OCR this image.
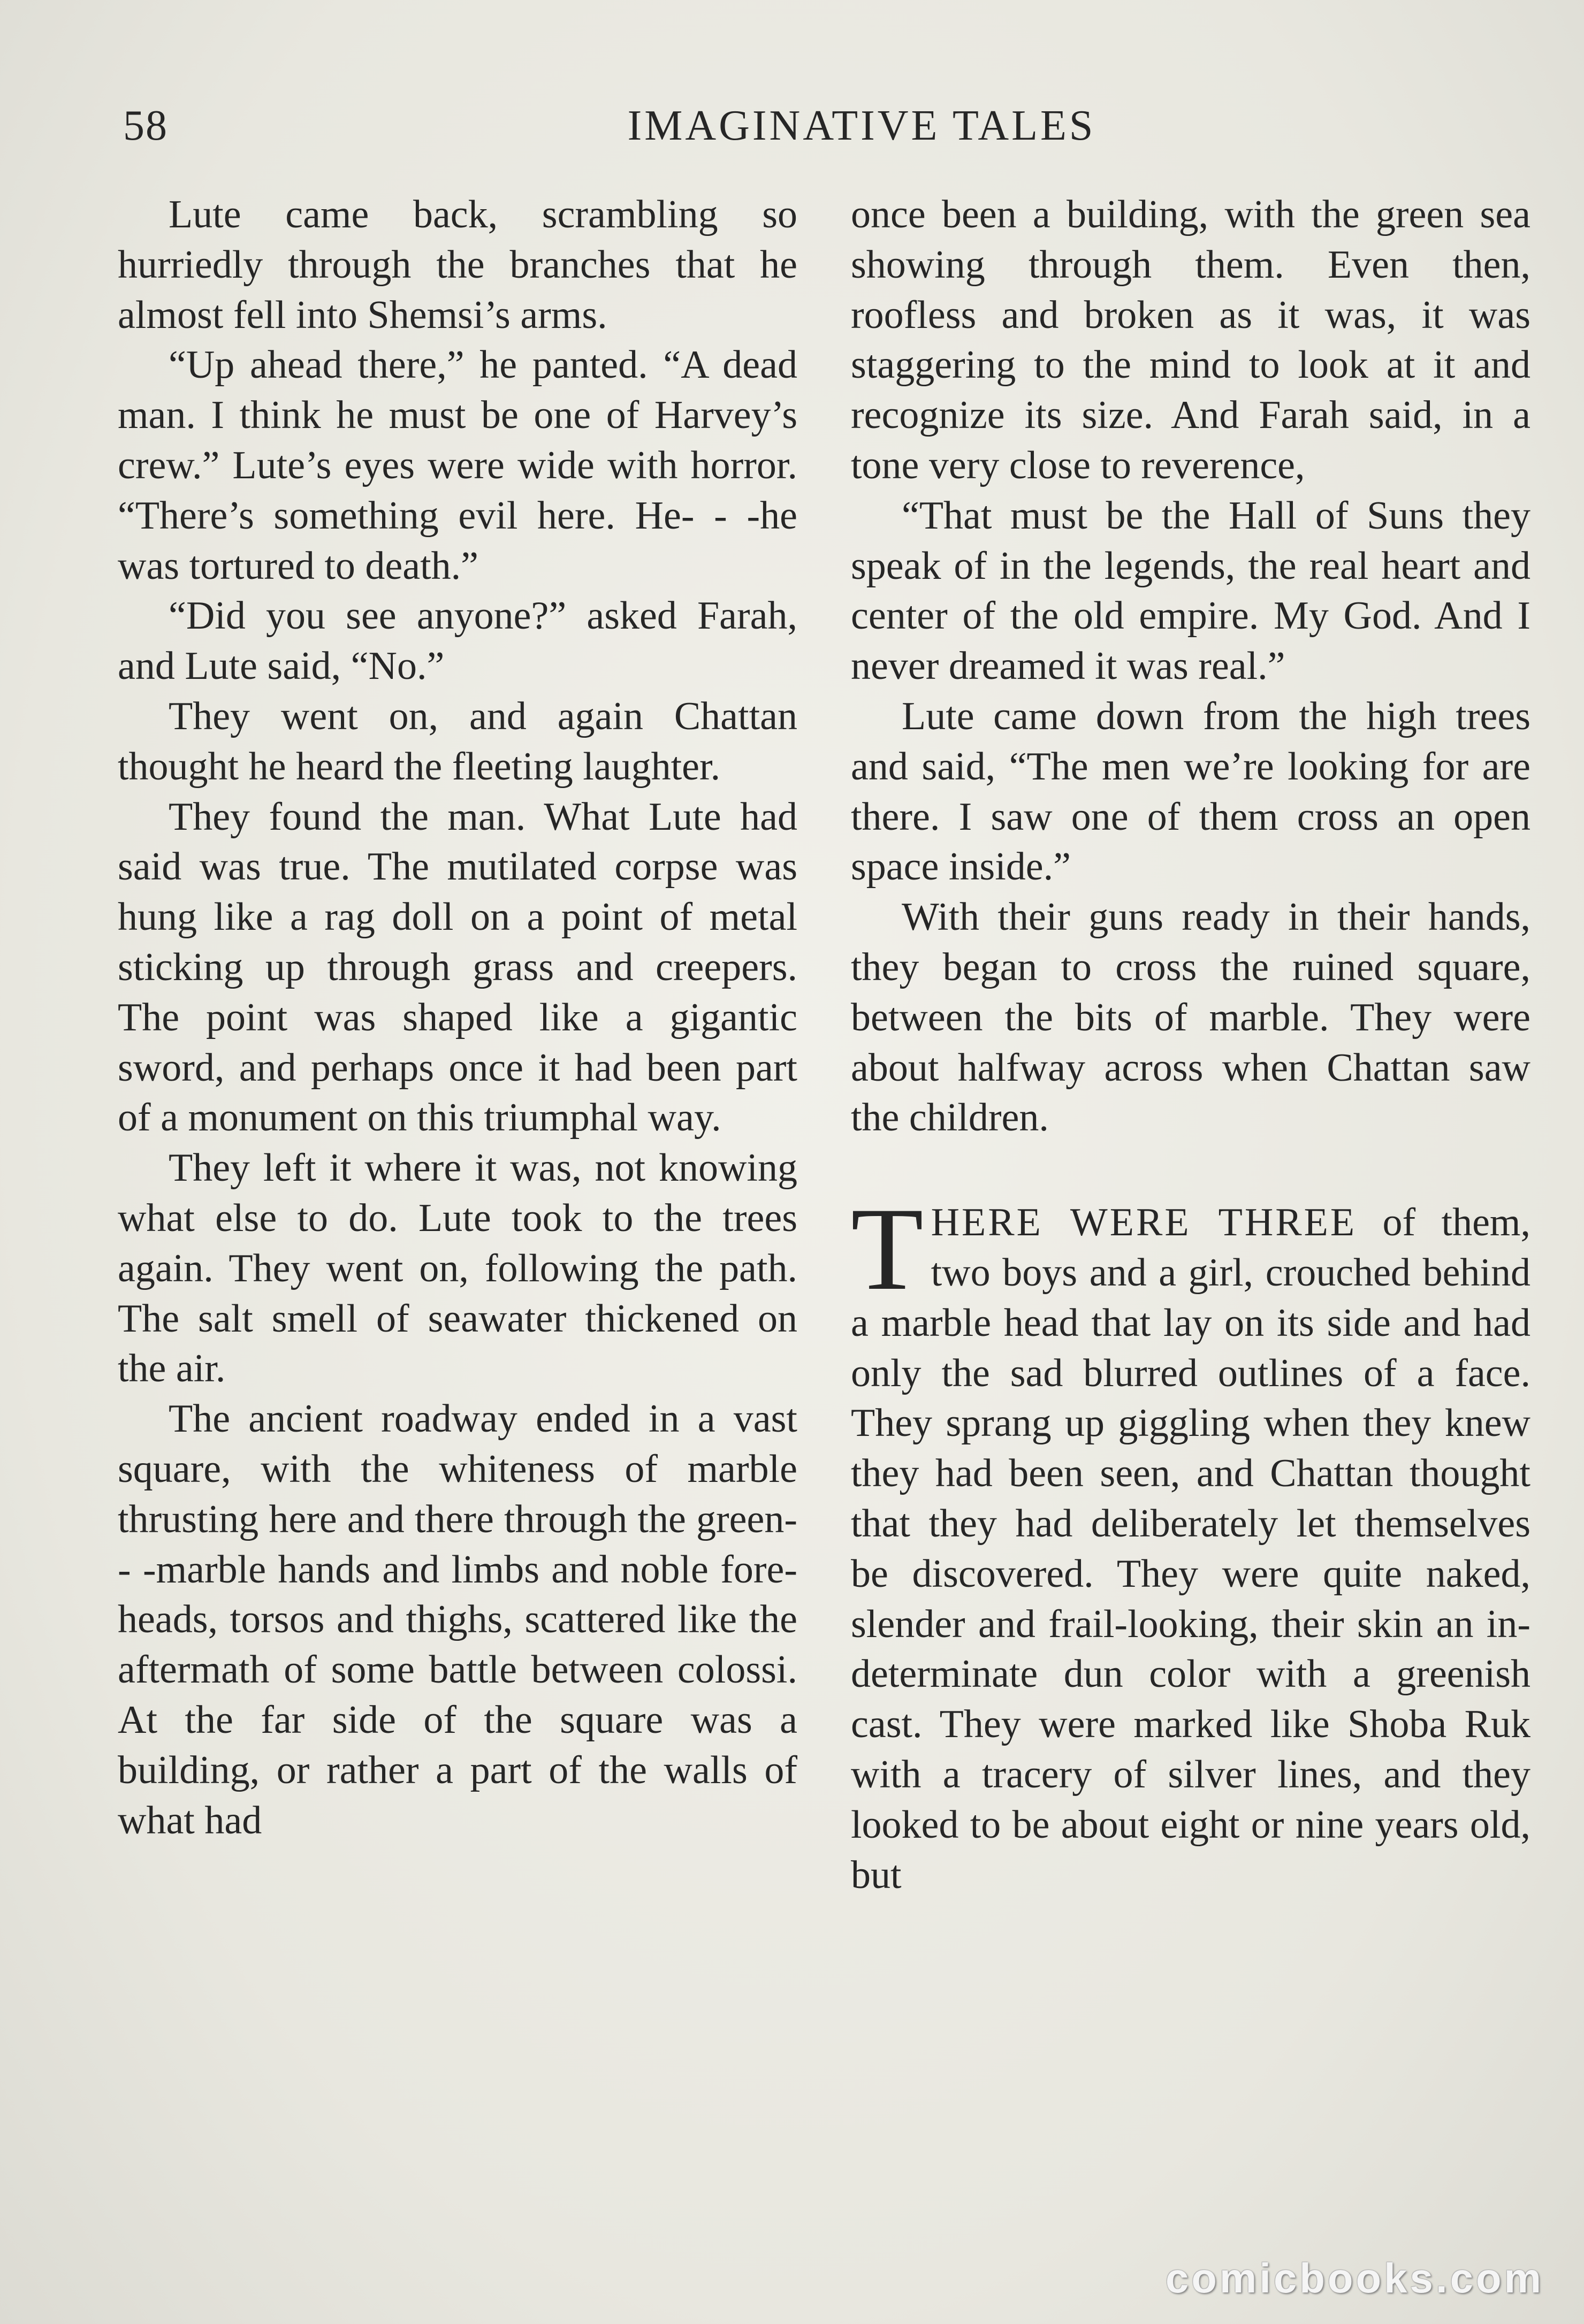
58	IMAGINATIVE TALES

Lute came back, scrambling so hurriedly through the branches that he almost fell into Shemsi’s arms.

“Up ahead there,” he panted. “A dead man. I think he must be one of Harvey’s crew.” Lute’s eyes were wide with horror. “There’s something evil here. He- - -he was tortured to death.”

“Did you see anyone?” asked Farah, and Lute said, “No.”

They went on, and again Chattan thought he heard the fleeting laughter.

They found the man. What Lute had said was true. The mutilated corpse was hung like a rag doll on a point of metal sticking up through grass and creepers. The point was shaped like a gigantic sword, and perhaps once it had been part of a monument on this triumphal way.

They left it where it was, not knowing what else to do. Lute took to the trees again. They went on, following the path. The salt smell of seawater thickened on the air.

The ancient roadway ended in a vast square, with the whiteness of marble thrusting here and there through the green- - -marble hands and limbs and noble foreheads, torsos and thighs, scattered like the aftermath of some battle between colossi. At the far side of the square was a building, or rather a part of the walls of what had

once been a building, with the green sea showing through them. Even then, roofless and broken as it was, it was staggering to the mind to look at it and recognize its size. And Farah said, in a tone very close to reverence,

“That must be the Hall of Suns they speak of in the legends, the real heart and center of the old empire. My God. And I never dreamed it was real.”

Lute came down from the high trees and said, “The men we’re looking for are there. I saw one of them cross an open space inside.”

With their guns ready in their hands, they began to cross the ruined square, between the bits of marble. They were about halfway across when Chattan saw the children.

THERE WERE THREE of them, two boys and a girl, crouched behind a marble head that lay on its side and had only the sad blurred outlines of a face. They sprang up giggling when they knew they had been seen, and Chattan thought that they had deliberately let themselves be discovered. They were quite naked, slender and frail-looking, their skin an indeterminate dun color with a greenish cast. They were marked like Shoba Ruk with a tracery of silver lines, and they looked to be about eight or nine years old, but

comicbooks.com
